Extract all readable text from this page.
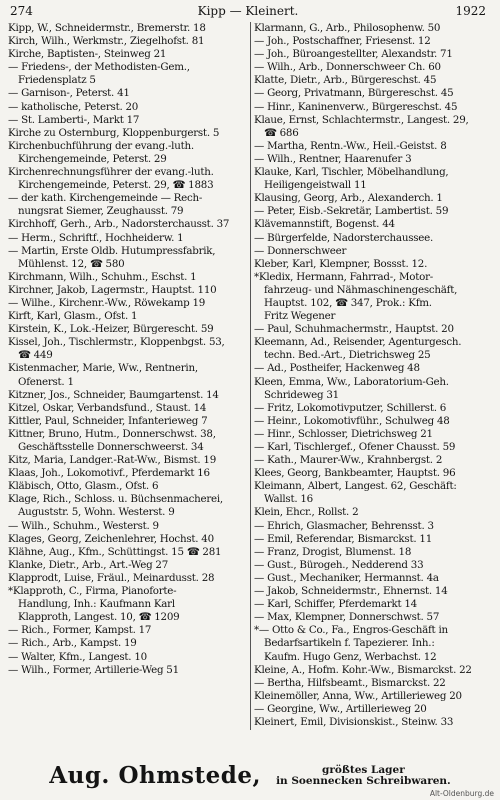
274	Kipp — Kleinert.	1922
Kipp, W., Schneidermstr., Bremerstr. 18
Kirch, Wilh., Werkmstr., Ziegelhofst. 81
Kirche, Baptisten-, Steinweg 21
— Friedens-, der Methodisten-Gem.,
Friedensplatz 5
— Garnison-, Peterst. 41
— katholische, Peterst. 20
— St. Lamberti-, Markt 17
Kirche zu Osternburg, Kloppenburgerst. 5
Kirchenbuchführung der evang.-luth.
Kirchengemeinde, Peterst. 29
Kirchenrechnungsführer der evang.-luth.
Kirchengemeinde, Peterst. 29, ☎ 1883
— der kath. Kirchengemeinde — Rech-
nungsrat Siemer, Zeughausst. 79
Kirchhoff, Gerh., Arb., Nadorsterchausst. 37
— Herm., Schriftf., Hochheiderw. 1
— Martin, Erste Oldb. Hutumpressfabrik,
Mühlenst. 12, ☎ 580
Kirchmann, Wilh., Schuhm., Eschst. 1
Kirchner, Jakob, Lagermstr., Hauptst. 110
— Wilhe., Kirchenr.-Ww., Röwekamp 19
Kirft, Karl, Glasm., Ofst. 1
Kirstein, K., Lok.-Heizer, Bürgerescht. 59
Kissel, Joh., Tischlermstr., Kloppenbgst. 53,
☎ 449
Kistenmacher, Marie, Ww., Rentnerin,
Ofenerst. 1
Kitzner, Jos., Schneider, Baumgartenst. 14
Kitzel, Oskar, Verbandsfund., Staust. 14
Kittler, Paul, Schneider, Infanterieweg 7
Kittner, Bruno, Hutm., Donnerschwst. 38,
Geschäftsstelle Donnerschweerst. 34
Kitz, Maria, Landger.-Rat-Ww., Bismst. 19
Klaas, Joh., Lokomotivf., Pferdemarkt 16
Kläbisch, Otto, Glasm., Ofst. 6
Klage, Rich., Schloss. u. Büchsenmacherei,
Auguststr. 5, Wohn. Westerst. 9
— Wilh., Schuhm., Westerst. 9
Klages, Georg, Zeichenlehrer, Hochst. 40
Klähne, Aug., Kfm., Schüttingst. 15 ☎ 281
Klanke, Dietr., Arb., Art.-Weg 27
Klapprodt, Luise, Fräul., Meinardusst. 28
*Klapproth, C., Firma, Pianoforte-
Handlung, Inh.: Kaufmann Karl
Klapproth, Langest. 10, ☎ 1209
— Rich., Former, Kampst. 17
— Rich., Arb., Kampst. 19
— Walter, Kfm., Langest. 10
— Wilh., Former, Artillerie-Weg 51
Klarmann, G., Arb., Philosophenw. 50
— Joh., Postschaffner, Friesenst. 12
— Joh., Büroangestellter, Alexandstr. 71
— Wilh., Arb., Donnerschweer Ch. 60
Klatte, Dietr., Arb., Bürgereschst. 45
— Georg, Privatmann, Bürgereschst. 45
— Hinr., Kaninenverw., Bürgereschst. 45
Klaue, Ernst, Schlachtermstr., Langest. 29,
☎ 686
— Martha, Rentn.-Ww., Heil.-Geistst. 8
— Wilh., Rentner, Haarenufer 3
Klauke, Karl, Tischler, Möbelhandlung,
Heiligengeistwall 11
Klausing, Georg, Arb., Alexanderch. 1
— Peter, Eisb.-Sekretär, Lambertist. 59
Klävemannstift, Bogenst. 44
— Bürgerfelde, Nadorsterchaussee.
— Donnerschweer
Kleber, Karl, Klempner, Bossst. 12.
*Kledix, Hermann, Fahrrad-, Motor-
fahrzeug- und Nähmaschinengeschäft,
Hauptst. 102, ☎ 347, Prok.: Kfm.
Fritz Wegener
— Paul, Schuhmachermstr., Hauptst. 20
Kleemann, Ad., Reisender, Agenturgesch.
techn. Bed.-Art., Dietrichsweg 25
— Ad., Postheifer, Hackenweg 48
Kleen, Emma, Ww., Laboratorium-Geh.
Schrideweg 31
— Fritz, Lokomotivputzer, Schillerst. 6
— Heinr., Lokomotivführ., Schulweg 48
— Hinr., Schlosser, Dietrichsweg 21
— Karl, Tischlergef., Ofener Chausst. 59
— Kath., Maurer-Ww., Krahnbergst. 2
Klees, Georg, Bankbeamter, Hauptst. 96
Kleimann, Albert, Langest. 62, Geschäft:
Wallst. 16
Klein, Ehcr., Rollst. 2
— Ehrich, Glasmacher, Behrensst. 3
— Emil, Referendar, Bismarckst. 11
— Franz, Drogist, Blumenst. 18
— Gust., Bürogeh., Nedderend 33
— Gust., Mechaniker, Hermannst. 4a
— Jakob, Schneidermstr., Ehnernst. 14
— Karl, Schiffer, Pferdemarkt 14
— Max, Klempner, Donnerschwst. 57
*— Otto & Co., Fa., Engros-Geschäft in
Bedarfsartikeln f. Tapezierer. Inh.:
Kaufm. Hugo Genz, Werbachst. 12
Kleine, A., Hofm. Kohr.-Ww., Bismarckst. 22
— Bertha, Hilfsbeamt., Bismarckst. 22
Kleinemöller, Anna, Ww., Artillerieweg 20
— Georgine, Ww., Artillerieweg 20
Kleinert, Emil, Divisionskist., Steinw. 33
Aug. Ohmstede,	größtes Lager
in Soennecken Schreibwaren.
Alt-Oldenburg.de
